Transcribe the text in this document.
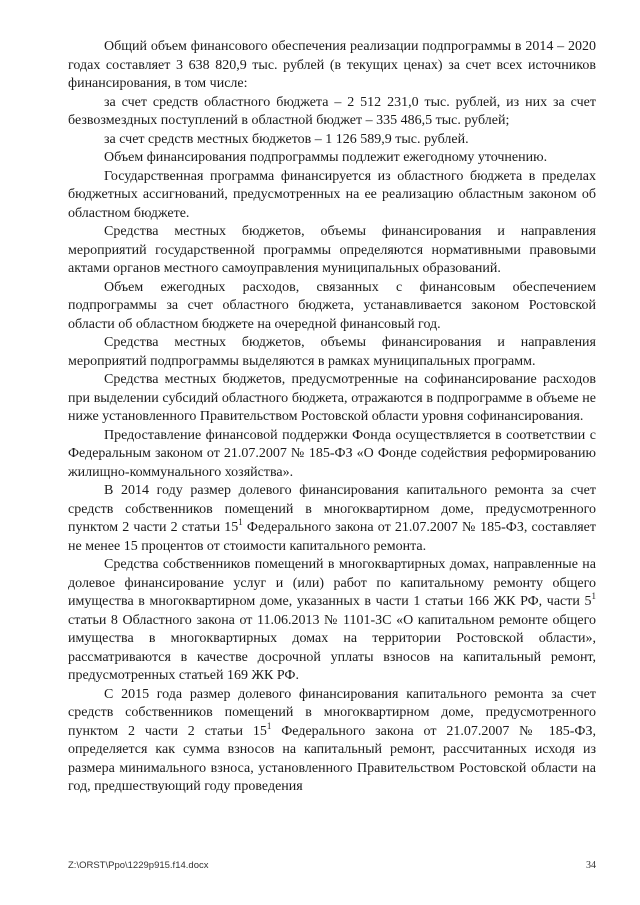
Общий объем финансового обеспечения реализации подпрограммы в 2014 – 2020 годах составляет 3 638 820,9 тыс. рублей (в текущих ценах) за счет всех источников финансирования, в том числе:

за счет средств областного бюджета – 2 512 231,0 тыс. рублей, из них за счет безвозмездных поступлений в областной бюджет – 335 486,5 тыс. рублей;

за счет средств местных бюджетов – 1 126 589,9 тыс. рублей.

Объем финансирования подпрограммы подлежит ежегодному уточнению.

Государственная программа финансируется из областного бюджета в пределах бюджетных ассигнований, предусмотренных на ее реализацию областным законом об областном бюджете.

Средства местных бюджетов, объемы финансирования и направления мероприятий государственной программы определяются нормативными правовыми актами органов местного самоуправления муниципальных образований.

Объем ежегодных расходов, связанных с финансовым обеспечением подпрограммы за счет областного бюджета, устанавливается законом Ростовской области об областном бюджете на очередной финансовый год.

Средства местных бюджетов, объемы финансирования и направления мероприятий подпрограммы выделяются в рамках муниципальных программ.

Средства местных бюджетов, предусмотренные на софинансирование расходов при выделении субсидий областного бюджета, отражаются в подпрограмме в объеме не ниже установленного Правительством Ростовской области уровня софинансирования.

Предоставление финансовой поддержки Фонда осуществляется в соответствии с Федеральным законом от 21.07.2007 № 185-ФЗ «О Фонде содействия реформированию жилищно-коммунального хозяйства».

В 2014 году размер долевого финансирования капитального ремонта за счет средств собственников помещений в многоквартирном доме, предусмотренного пунктом 2 части 2 статьи $15^1$ Федерального закона от 21.07.2007 № 185-ФЗ, составляет не менее 15 процентов от стоимости капитального ремонта.

Средства собственников помещений в многоквартирных домах, направленные на долевое финансирование услуг и (или) работ по капитальному ремонту общего имущества в многоквартирном доме, указанных в части 1 статьи 166 ЖК РФ, части $5^1$ статьи 8 Областного закона от 11.06.2013 № 1101-ЗС «О капитальном ремонте общего имущества в многоквартирных домах на территории Ростовской области», рассматриваются в качестве досрочной уплаты взносов на капитальный ремонт, предусмотренных статьей 169 ЖК РФ.

С 2015 года размер долевого финансирования капитального ремонта за счет средств собственников помещений в многоквартирном доме, предусмотренного пунктом 2 части 2 статьи $15^1$ Федерального закона от 21.07.2007 № 185-ФЗ, определяется как сумма взносов на капитальный ремонт, рассчитанных исходя из размера минимального взноса, установленного Правительством Ростовской области на год, предшествующий году проведения

Z:\ORST\Ppo\1229p915.f14.docx	34
